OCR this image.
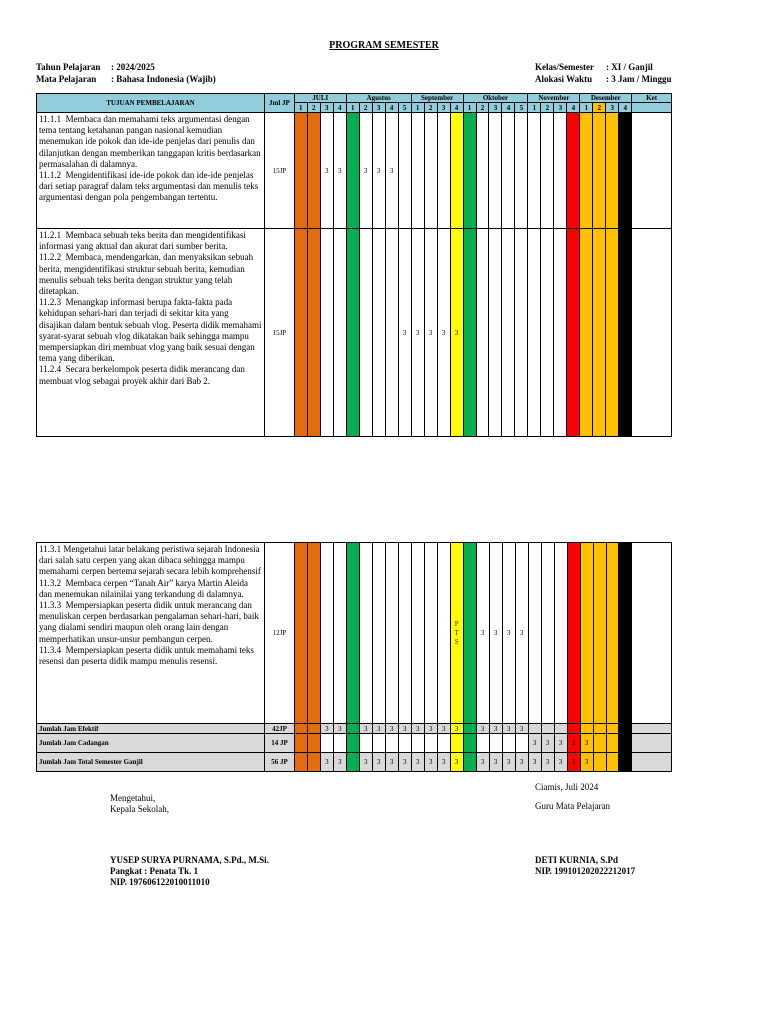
PROGRAM SEMESTER
Tahun Pelajaran : 2024/2025
Mata Pelajaran : Bahasa Indonesia (Wajib)
Kelas/Semester : XI / Ganjil
Alokasi Waktu : 3 Jam / Minggu
TUJUAN PEMBELAJARAN	Jml JP	JULI				Agustus					September				Oktober					November				Desember				Ket
		1	2	3	4	1	2	3	4	5	1	2	3	4	1	2	3	4	5	1	2	3	4	1	2	3	4	
11.1.1  Membaca dan memahami teks argumentasi dengan tema tentang ketahanan pangan nasional kemudian menemukan ide pokok dan ide-ide penjelas dari penulis dan dilanjutkan dengan memberikan tanggapan kritis berdasarkan permasalahan di dalamnya.
11.1.2  Mengidentifikasi ide-ide pokok dan ide-ide penjelas dari setiap paragraf dalam teks argumentasi dan menulis teks argumentasi dengan pola pengembangan tertentu.	15JP			3	3		3	3	3																			
11.2.1  Membaca sebuah teks berita dan mengidentifikasi informasi yang aktual dan akurat dari sumber berita.
11.2.2  Membaca, mendengarkan, dan menyaksikan sebuah berita, mengidentifikasi struktur sebuah berita, kemudian menulis sebuah teks berita dengan struktur yang telah ditetapkan.
11.2.3  Menangkap informasi berupa fakta-fakta pada kehidupan sehari-hari dan terjadi di sekitar kita yang disajikan dalam bentuk sebuah vlog. Peserta didik memahami syarat-syarat sebuah vlog dikatakan baik sehingga mampu mempersiapkan diri membuat vlog yang baik sesuai dengan tema yang diberikan.
11.2.4  Secara berkelompok peserta didik merancang dan membuat vlog sebagai proyek akhir dari Bab 2.	15JP									3	3	3	3	3														
11.3.1 Mengetahui latar belakang peristiwa sejarah Indonesia dari salah satu cerpen yang akan dibaca sehingga mampu memahami cerpen bertema sejarah secara lebih komprehensif
11.3.2  Membaca cerpen “Tanah Air” karya Martin Aleida dan menemukan nilainilai yang terkandung di dalamnya.
11.3.3  Mempersiapkan peserta didik untuk merancang dan menuliskan cerpen berdasarkan pengalaman sehari-hari, baik yang dialami sendiri maupun oleh orang lain dengan memperhatikan unsur-unsur pembangun cerpen.
11.3.4  Mempersiapkan peserta didik untuk memahami teks resensi dan peserta didik mampu menulis resensi.	12JP													PTS		3	3	3	3									
Jumlah Jam Efektif	42JP			3	3		3	3	3	3	3	3	3	3		3	3	3	3									
Jumlah Jam Cadangan	14 JP																			3	3	3	3	3				
Jumlah Jam Total Semester Ganjil	56 JP			3	3		3	3	3	3	3	3	3	3		3	3	3	3	3	3	3	3	3				
Mengetahui,
Kepala Sekolah,
YUSEP SURYA PURNAMA, S.Pd., M.Si.
Pangkat : Penata Tk. 1
NIP. 197606122010011010
Ciamis, Juli 2024
Guru Mata Pelajaran
DETI KURNIA, S.Pd
NIP. 199101202022212017
